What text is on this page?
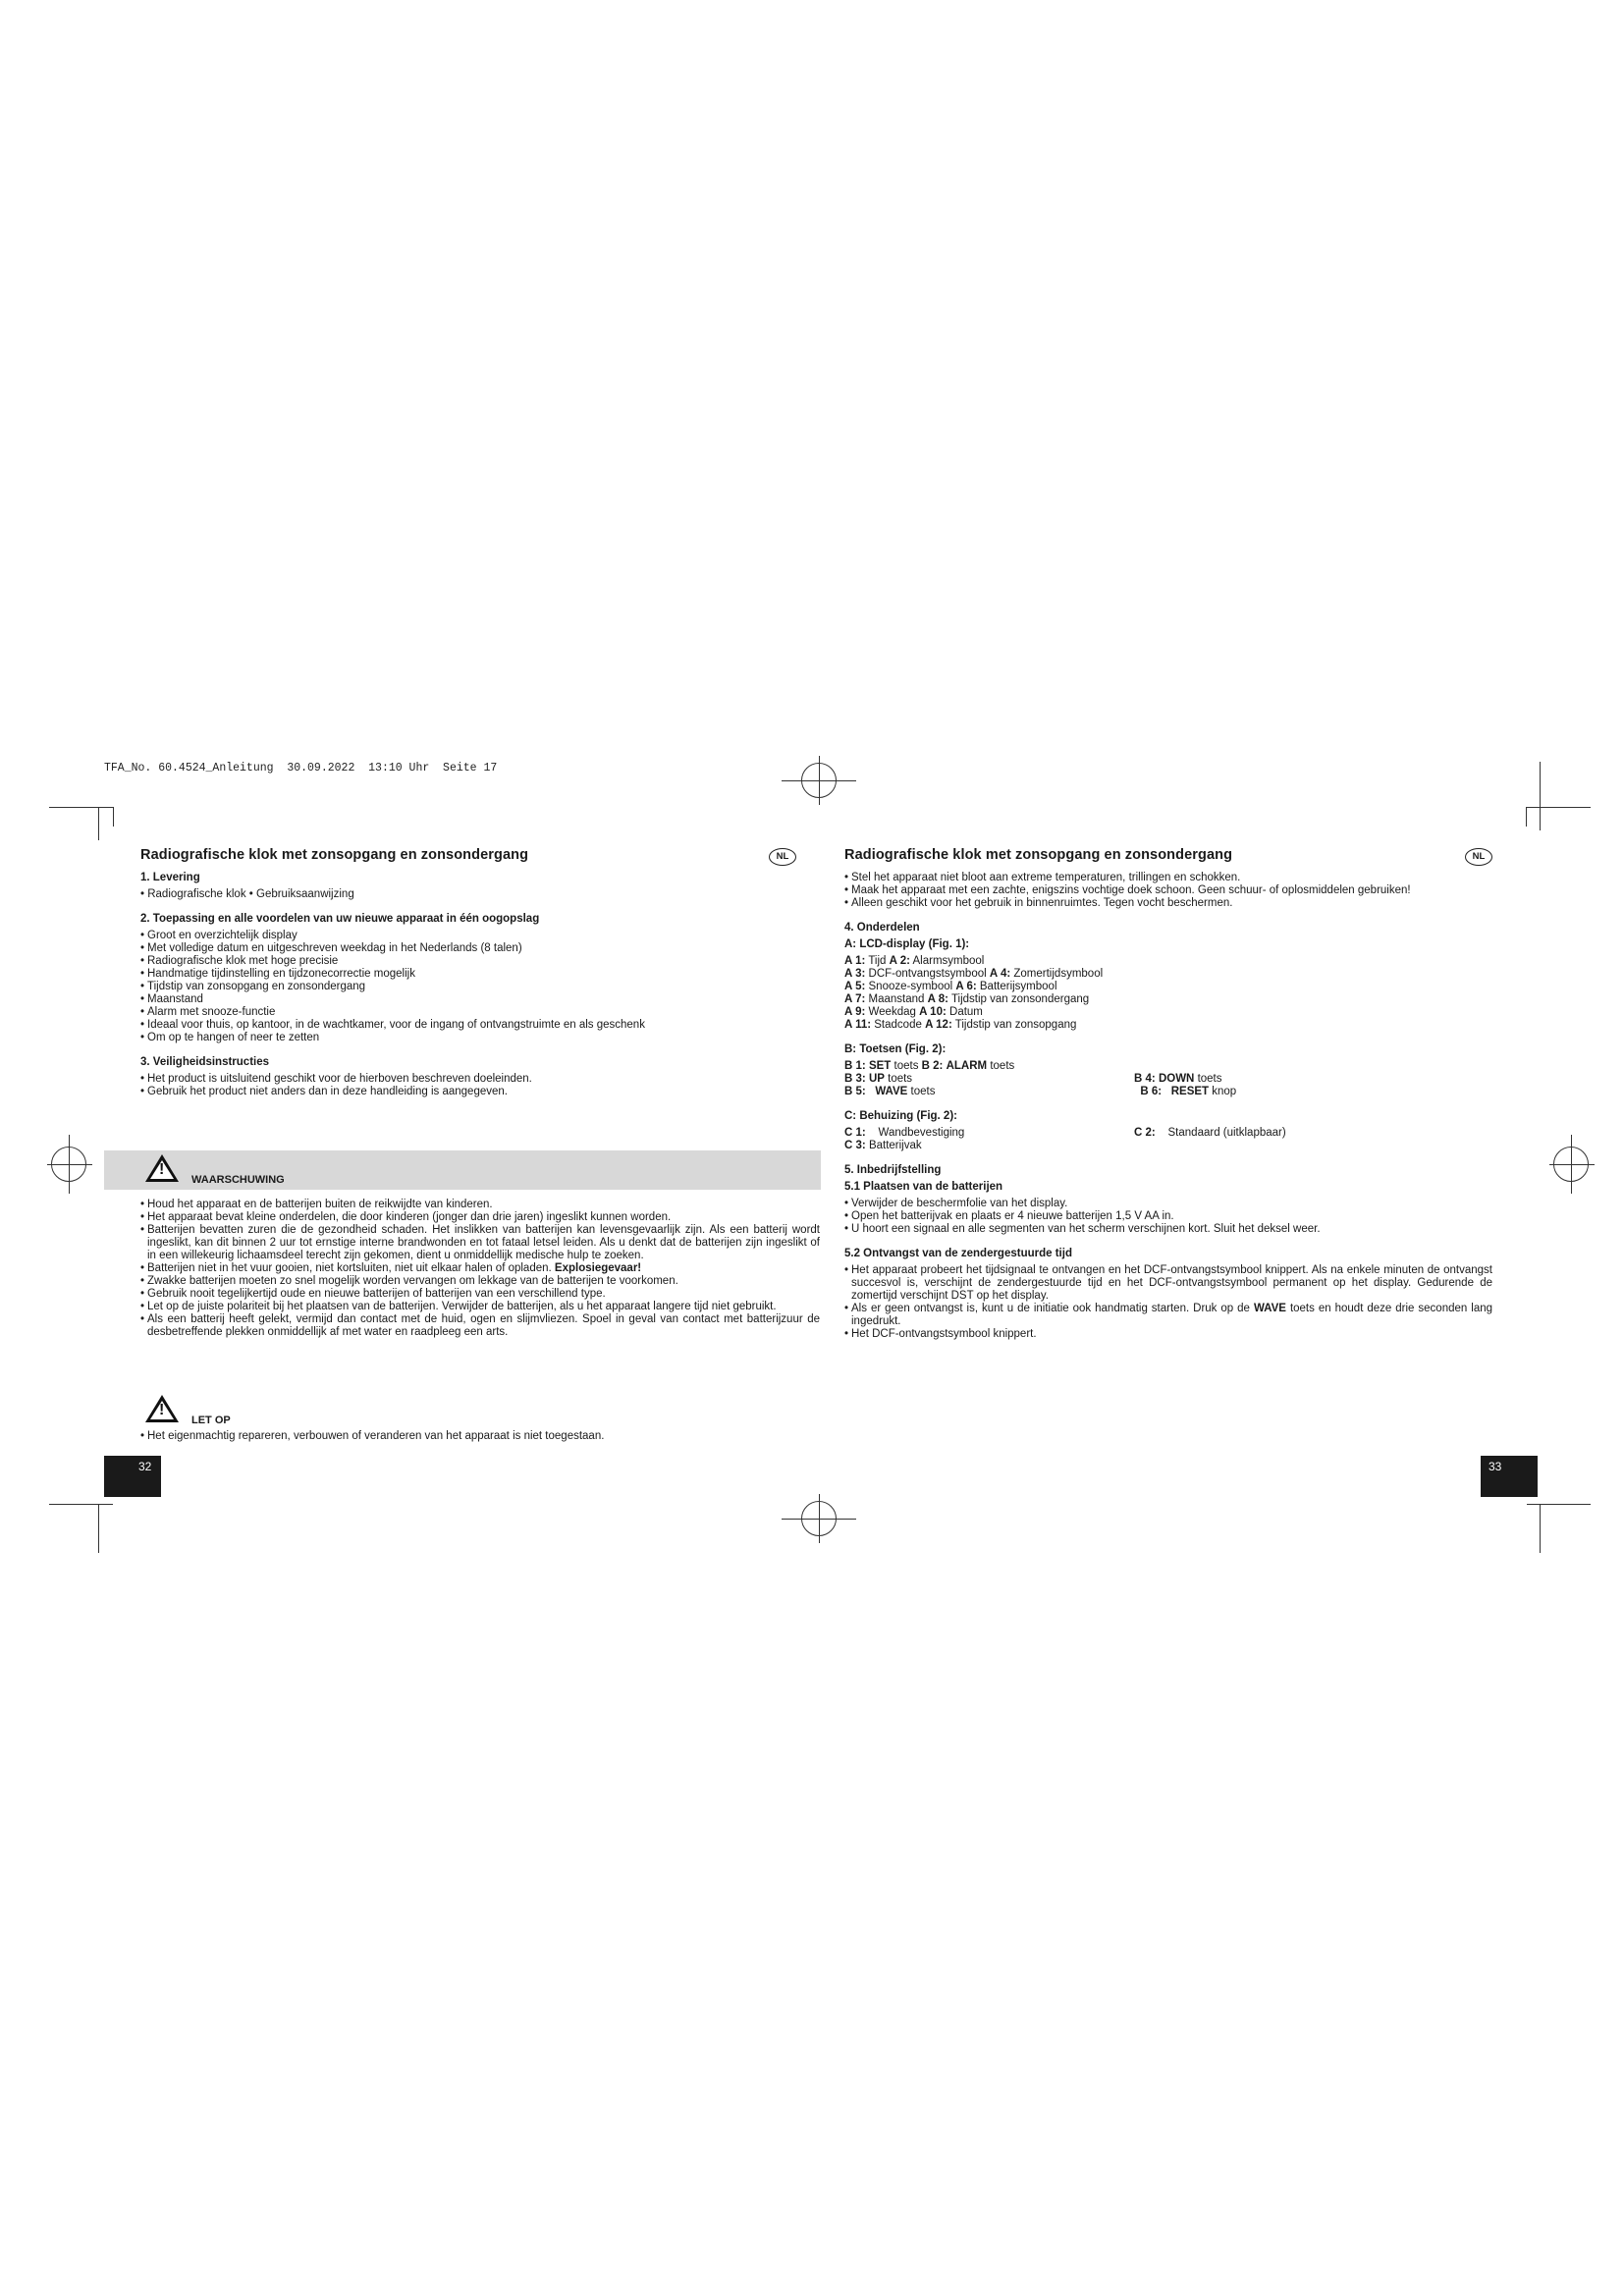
TFA_No. 60.4524_Anleitung  30.09.2022  13:10 Uhr  Seite 17
Radiografische klok met zonsopgang en zonsondergang	NL
1. Levering
• Radiografische klok • Gebruiksaanwijzing
2. Toepassing en alle voordelen van uw nieuwe apparaat in één oogopslag
• Groot en overzichtelijk display
• Met volledige datum en uitgeschreven weekdag in het Nederlands (8 talen)
• Radiografische klok met hoge precisie
• Handmatige tijdinstelling en tijdzonecorrectie mogelijk
• Tijdstip van zonsopgang en zonsondergang
• Maanstand
• Alarm met snooze-functie
• Ideaal voor thuis, op kantoor, in de wachtkamer, voor de ingang of ontvangstruimte en als geschenk
• Om op te hangen of neer te zetten
3. Veiligheidsinstructies
• Het product is uitsluitend geschikt voor de hierboven beschreven doeleinden.
• Gebruik het product niet anders dan in deze handleiding is aangegeven.
!
WAARSCHUWING
• Houd het apparaat en de batterijen buiten de reikwijdte van kinderen.
• Het apparaat bevat kleine onderdelen, die door kinderen (jonger dan drie jaren) ingeslikt kunnen worden.
• Batterijen bevatten zuren die de gezondheid schaden. Het inslikken van batterijen kan levensgevaarlijk zijn. Als een batterij wordt ingeslikt, kan dit binnen 2 uur tot ernstige interne brandwonden en tot fataal letsel leiden. Als u denkt dat de batterijen zijn ingeslikt of in een willekeurig lichaamsdeel terecht zijn gekomen, dient u onmiddellijk medische hulp te zoeken.
• Batterijen niet in het vuur gooien, niet kortsluiten, niet uit elkaar halen of opladen. Explosiegevaar!
• Zwakke batterijen moeten zo snel mogelijk worden vervangen om lekkage van de batterijen te voorkomen.
• Gebruik nooit tegelijkertijd oude en nieuwe batterijen of batterijen van een verschillend type.
• Let op de juiste polariteit bij het plaatsen van de batterijen. Verwijder de batterijen, als u het apparaat langere tijd niet gebruikt.
• Als een batterij heeft gelekt, vermijd dan contact met de huid, ogen en slijmvliezen. Spoel in geval van contact met batterijzuur de desbetreffende plekken onmiddellijk af met water en raadpleeg een arts.
!
LET OP
• Het eigenmachtig repareren, verbouwen of veranderen van het apparaat is niet toegestaan.
32
Radiografische klok met zonsopgang en zonsondergang	NL
• Stel het apparaat niet bloot aan extreme temperaturen, trillingen en schokken.
• Maak het apparaat met een zachte, enigszins vochtige doek schoon. Geen schuur- of oplosmiddelen gebruiken!
• Alleen geschikt voor het gebruik in binnenruimtes. Tegen vocht beschermen.
4. Onderdelen
A: LCD-display (Fig. 1):
A 1: Tijd A 2: Alarmsymbool
A 3: DCF-ontvangstsymbool A 4: Zomertijdsymbool
A 5: Snooze-symbool A 6: Batterijsymbool
A 7: Maanstand A 8: Tijdstip van zonsondergang
A 9: Weekdag A 10: Datum
A 11: Stadcode A 12: Tijdstip van zonsopgang
B: Toetsen (Fig. 2):
B 1: SET toets B 2: ALARM toets
B 3: UP toets	B 4: DOWN toets
B 5: WAVE toets	B 6: RESET knop
C: Behuizing (Fig. 2):
C 1: Wandbevestiging	C 2: Standaard (uitklapbaar)
C 3: Batterijvak
5. Inbedrijfstelling
5.1 Plaatsen van de batterijen
• Verwijder de beschermfolie van het display.
• Open het batterijvak en plaats er 4 nieuwe batterijen 1,5 V AA in.
• U hoort een signaal en alle segmenten van het scherm verschijnen kort. Sluit het deksel weer.
5.2 Ontvangst van de zendergestuurde tijd
• Het apparaat probeert het tijdsignaal te ontvangen en het DCF-ontvangstsymbool knippert. Als na enkele minuten de ontvangst succesvol is, verschijnt de zendergestuurde tijd en het DCF-ontvangstsymbool permanent op het display. Gedurende de zomertijd verschijnt DST op het display.
• Als er geen ontvangst is, kunt u de initiatie ook handmatig starten. Druk op de WAVE toets en houdt deze drie seconden lang ingedrukt.
• Het DCF-ontvangstsymbool knippert.
33
